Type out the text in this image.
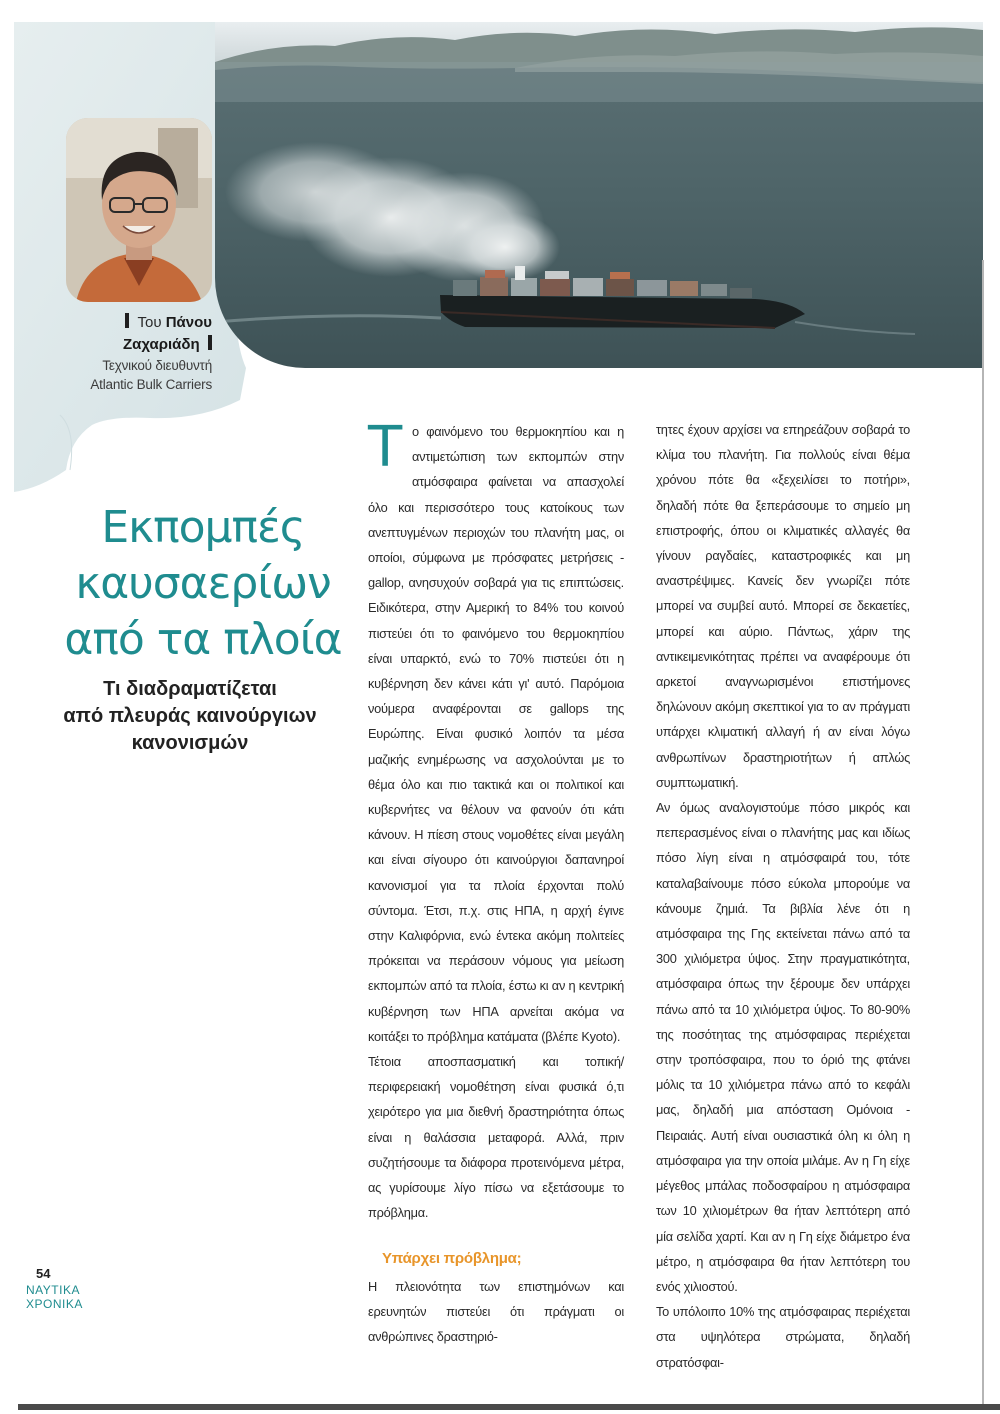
Του Πάνου
Ζαχαριάδη
Τεχνικού διευθυντή
Atlantic Bulk Carriers
Εκπομπές
καυσαερίων
από τα πλοία
Τι διαδραματίζεται
από πλευράς καινούργιων
κανονισμών

Το φαινόμενο του θερμοκηπίου και η αντιμετώπιση των εκπομπών στην ατμόσφαιρα φαίνεται να απασχολεί όλο και περισσότερο τους κατοίκους των ανεπτυγμένων περιοχών του πλανήτη μας, οι οποίοι, σύμφωνα με πρόσφατες μετρήσεις - gallop, ανησυχούν σοβαρά για τις επιπτώσεις. Ειδικότερα, στην Αμερική το 84% του κοινού πιστεύει ότι το φαινόμενο του θερμοκηπίου είναι υπαρκτό, ενώ το 70% πιστεύει ότι η κυβέρνηση δεν κάνει κάτι γι' αυτό. Παρόμοια νούμερα αναφέρονται σε gallops της Ευρώπης. Είναι φυσικό λοιπόν τα μέσα μαζικής ενημέρωσης να ασχολούνται με το θέμα όλο και πιο τακτικά και οι πολιτικοί και κυβερνήτες να θέλουν να φανούν ότι κάτι κάνουν. Η πίεση στους νομοθέτες είναι μεγάλη και είναι σίγουρο ότι καινούργιοι δαπανηροί κανονισμοί για τα πλοία έρχονται πολύ σύντομα. Έτσι, π.χ. στις ΗΠΑ, η αρχή έγινε στην Καλιφόρνια, ενώ έντεκα ακόμη πολιτείες πρόκειται να περάσουν νόμους για μείωση εκπομπών από τα πλοία, έστω κι αν η κεντρική κυβέρνηση των ΗΠΑ αρνείται ακόμα να κοιτάξει το πρόβλημα κατάματα (βλέπε Kyoto).

Τέτοια αποσπασματική και τοπική/περιφερειακή νομοθέτηση είναι φυσικά ό,τι χειρότερο για μια διεθνή δραστηριότητα όπως είναι η θαλάσσια μεταφορά. Αλλά, πριν συζητήσουμε τα διάφορα προτεινόμενα μέτρα, ας γυρίσουμε λίγο πίσω να εξετάσουμε το πρόβλημα.

Υπάρχει πρόβλημα;

Η πλειονότητα των επιστημόνων και ερευνητών πιστεύει ότι πράγματι οι ανθρώπινες δραστηριό-

τητες έχουν αρχίσει να επηρεάζουν σοβαρά το κλίμα του πλανήτη. Για πολλούς είναι θέμα χρόνου πότε θα «ξεχειλίσει το ποτήρι», δηλαδή πότε θα ξεπεράσουμε το σημείο μη επιστροφής, όπου οι κλιματικές αλλαγές θα γίνουν ραγδαίες, καταστροφικές και μη αναστρέψιμες. Κανείς δεν γνωρίζει πότε μπορεί να συμβεί αυτό. Μπορεί σε δεκαετίες, μπορεί και αύριο. Πάντως, χάριν της αντικειμενικότητας πρέπει να αναφέρουμε ότι αρκετοί αναγνωρισμένοι επιστήμονες δηλώνουν ακόμη σκεπτικοί για το αν πράγματι υπάρχει κλιματική αλλαγή ή αν είναι λόγω ανθρωπίνων δραστηριοτήτων ή απλώς συμπτωματική.

Αν όμως αναλογιστούμε πόσο μικρός και πεπερασμένος είναι ο πλανήτης μας και ιδίως πόσο λίγη είναι η ατμόσφαιρά του, τότε καταλαβαίνουμε πόσο εύκολα μπορούμε να κάνουμε ζημιά. Τα βιβλία λένε ότι η ατμόσφαιρα της Γης εκτείνεται πάνω από τα 300 χιλιόμετρα ύψος. Στην πραγματικότητα, ατμόσφαιρα όπως την ξέρουμε δεν υπάρχει πάνω από τα 10 χιλιόμετρα ύψος. Το 80-90% της ποσότητας της ατμόσφαιρας περιέχεται στην τροπόσφαιρα, που το όριό της φτάνει μόλις τα 10 χιλιόμετρα πάνω από το κεφάλι μας, δηλαδή μια απόσταση Ομόνοια - Πειραιάς. Αυτή είναι ουσιαστικά όλη κι όλη η ατμόσφαιρα για την οποία μιλάμε. Αν η Γη είχε μέγεθος μπάλας ποδοσφαίρου η ατμόσφαιρα των 10 χιλιομέτρων θα ήταν λεπτότερη από μία σελίδα χαρτί. Και αν η Γη είχε διάμετρο ένα μέτρο, η ατμόσφαιρα θα ήταν λεπτότερη του ενός χιλιοστού.

Το υπόλοιπο 10% της ατμόσφαιρας περιέχεται στα υψηλότερα στρώματα, δηλαδή στρατόσφαι-

54
ΝΑΥΤΙΚΑ
ΧΡΟΝΙΚΑ
